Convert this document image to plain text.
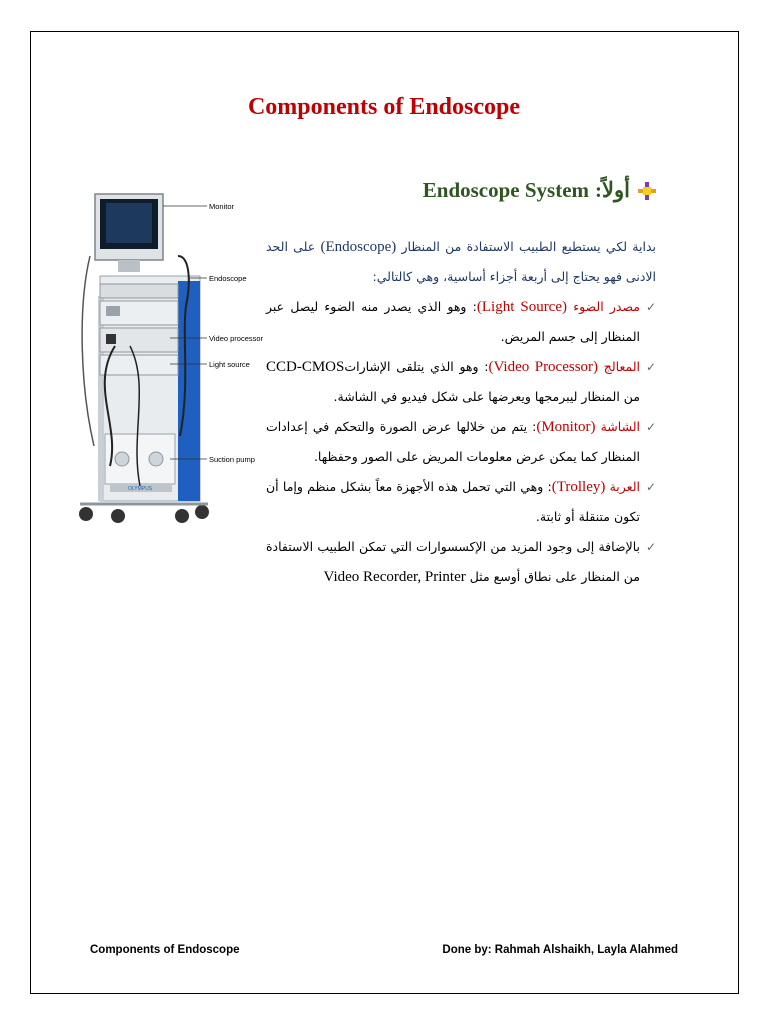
Components of Endoscope
أولاً:
Endoscope System

بداية لكي يستطيع الطبيب الاستفادة من المنظار (Endoscope) على الحد الادنى فهو يحتاج إلى أربعة أجزاء أساسية، وهي كالتالي:

✓
مصدر الضوء (Light Source): وهو الذي يصدر منه الضوء ليصل عبر المنظار إلى جسم المريض.

✓
المعالج (Video Processor): وهو الذي يتلقى الإشاراتCCD-CMOS من المنظار ليبرمجها ويعرضها على شكل فيديو في الشاشة.

✓
الشاشة (Monitor): يتم من خلالها عرض الصورة والتحكم في إعدادات المنظار كما يمكن عرض معلومات المريض على الصور وحفظها.

✓
العربة (Trolley): وهي التي تحمل هذه الأجهزة معاً بشكل منظم وإما أن تكون متنقلة أو ثابتة.

✓
بالإضافة إلى وجود المزيد من الإكسسوارات التي تمكن الطبيب الاستفادة من المنظار على نطاق أوسع مثل Video Recorder, Printer

OLYMPUS
Monitor
Endoscope
Video processor
Light source
Suction pump
Components of Endoscope	Done by: Rahmah Alshaikh, Layla Alahmed
